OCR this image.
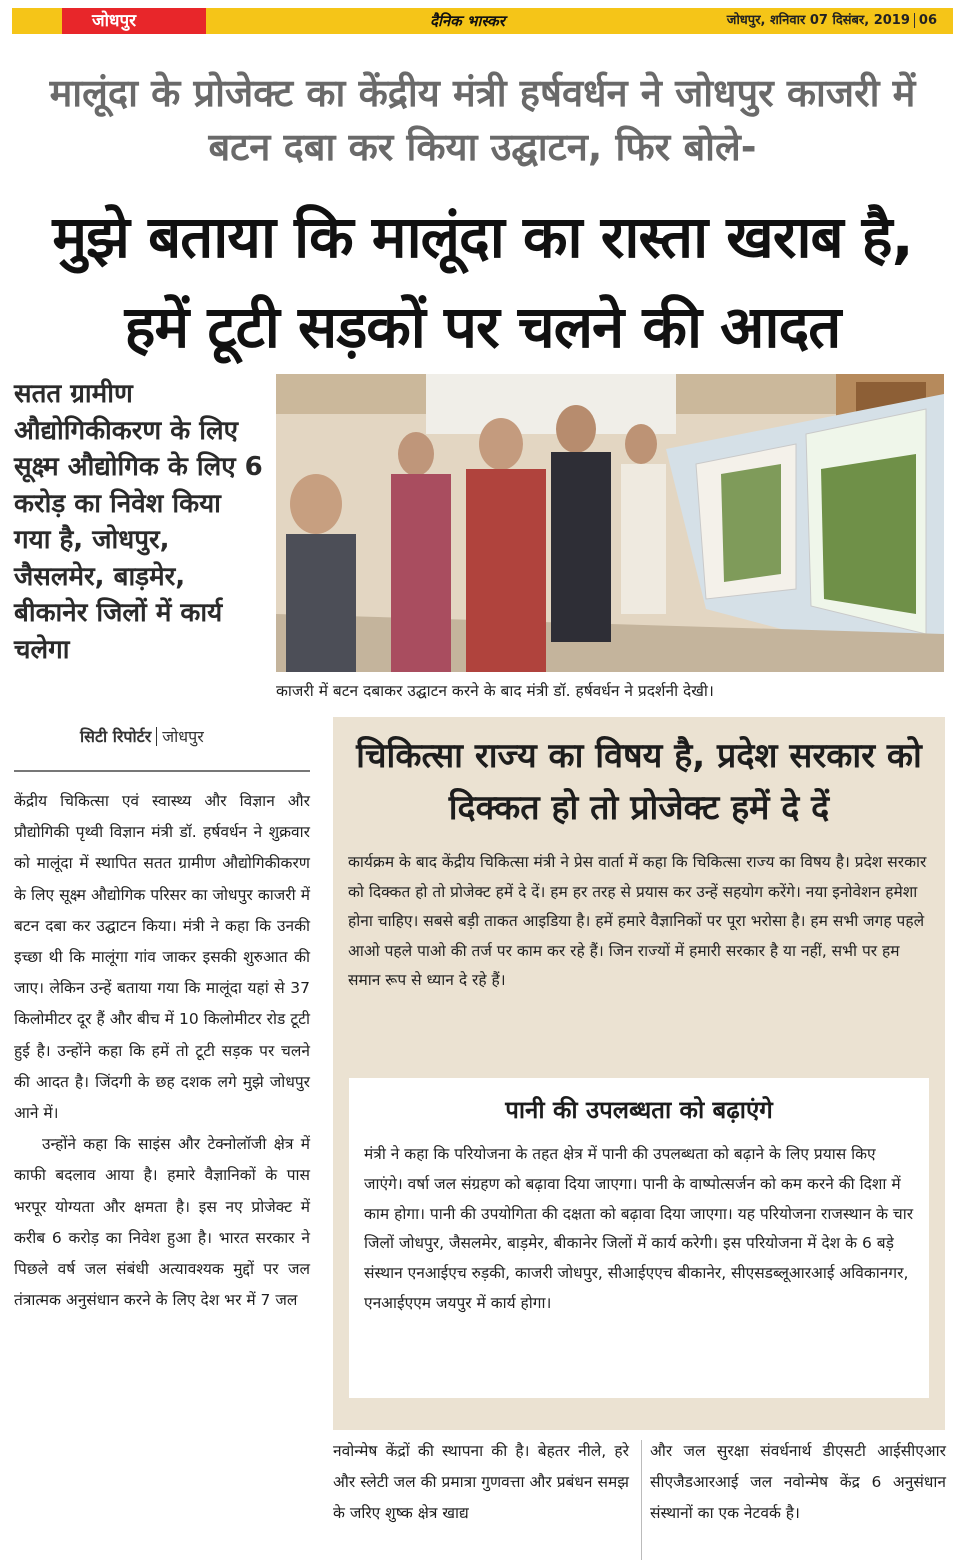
जोधपुर	दैनिक भास्कर	जोधपुर, शनिवार 07 दिसंबर, 2019 06
मालूंदा के प्रोजेक्ट का केंद्रीय मंत्री हर्षवर्धन ने जोधपुर काजरी में बटन दबा कर किया उद्घाटन, फिर बोले-
मुझे बताया कि मालूंदा का रास्ता खराब है, हमें टूटी सड़कों पर चलने की आदत

सतत ग्रामीण औद्योगिकीकरण के लिए सूक्ष्म औद्योगिक के लिए 6 करोड़ का निवेश किया गया है, जोधपुर, जैसलमेर, बाड़मेर, बीकानेर जिलों में कार्य चलेगा

काजरी में बटन दबाकर उद्घाटन करने के बाद मंत्री डॉ. हर्षवर्धन ने प्रदर्शनी देखी।
सिटी रिपोर्टर जोधपुर

केंद्रीय चिकित्सा एवं स्वास्थ्य और विज्ञान और प्रौद्योगिकी पृथ्वी विज्ञान मंत्री डॉ. हर्षवर्धन ने शुक्रवार को मालूंदा में स्थापित सतत ग्रामीण औद्योगिकीकरण के लिए सूक्ष्म औद्योगिक परिसर का जोधपुर काजरी में बटन दबा कर उद्घाटन किया। मंत्री ने कहा कि उनकी इच्छा थी कि मालूंगा गांव जाकर इसकी शुरुआत की जाए। लेकिन उन्हें बताया गया कि मालूंदा यहां से 37 किलोमीटर दूर हैं और बीच में 10 किलोमीटर रोड टूटी हुई है। उन्होंने कहा कि हमें तो टूटी सड़क पर चलने की आदत है। जिंदगी के छह दशक लगे मुझे जोधपुर आने में।

उन्होंने कहा कि साइंस और टेक्नोलॉजी क्षेत्र में काफी बदलाव आया है। हमारे वैज्ञानिकों के पास भरपूर योग्यता और क्षमता है। इस नए प्रोजेक्ट में करीब 6 करोड़ का निवेश हुआ है। भारत सरकार ने पिछले वर्ष जल संबंधी अत्यावश्यक मुद्दों पर जल तंत्रात्मक अनुसंधान करने के लिए देश भर में 7 जल

चिकित्सा राज्य का विषय है, प्रदेश सरकार को दिक्कत हो तो प्रोजेक्ट हमें दे दें

कार्यक्रम के बाद केंद्रीय चिकित्सा मंत्री ने प्रेस वार्ता में कहा कि चिकित्सा राज्य का विषय है। प्रदेश सरकार को दिक्कत हो तो प्रोजेक्ट हमें दे दें। हम हर तरह से प्रयास कर उन्हें सहयोग करेंगे। नया इनोवेशन हमेशा होना चाहिए। सबसे बड़ी ताकत आइडिया है। हमें हमारे वैज्ञानिकों पर पूरा भरोसा है। हम सभी जगह पहले आओ पहले पाओ की तर्ज पर काम कर रहे हैं। जिन राज्यों में हमारी सरकार है या नहीं, सभी पर हम समान रूप से ध्यान दे रहे हैं।

पानी की उपलब्धता को बढ़ाएंगे

मंत्री ने कहा कि परियोजना के तहत क्षेत्र में पानी की उपलब्धता को बढ़ाने के लिए प्रयास किए जाएंगे। वर्षा जल संग्रहण को बढ़ावा दिया जाएगा। पानी के वाष्पोत्सर्जन को कम करने की दिशा में काम होगा। पानी की उपयोगिता की दक्षता को बढ़ावा दिया जाएगा। यह परियोजना राजस्थान के चार जिलों जोधपुर, जैसलमेर, बाड़मेर, बीकानेर जिलों में कार्य करेगी। इस परियोजना में देश के 6 बड़े संस्थान एनआईएच रुड़की, काजरी जोधपुर, सीआईएएच बीकानेर, सीएसडब्लूआरआई अविकानगर, एनआईएएम जयपुर में कार्य होगा।

नवोन्मेष केंद्रों की स्थापना की है। बेहतर नीले, हरे और स्लेटी जल की प्रमात्रा गुणवत्ता और प्रबंधन समझ के जरिए शुष्क क्षेत्र खाद्य

और जल सुरक्षा संवर्धनार्थ डीएसटी आईसीएआर सीएजैडआरआई जल नवोन्मेष केंद्र 6 अनुसंधान संस्थानों का एक नेटवर्क है।
